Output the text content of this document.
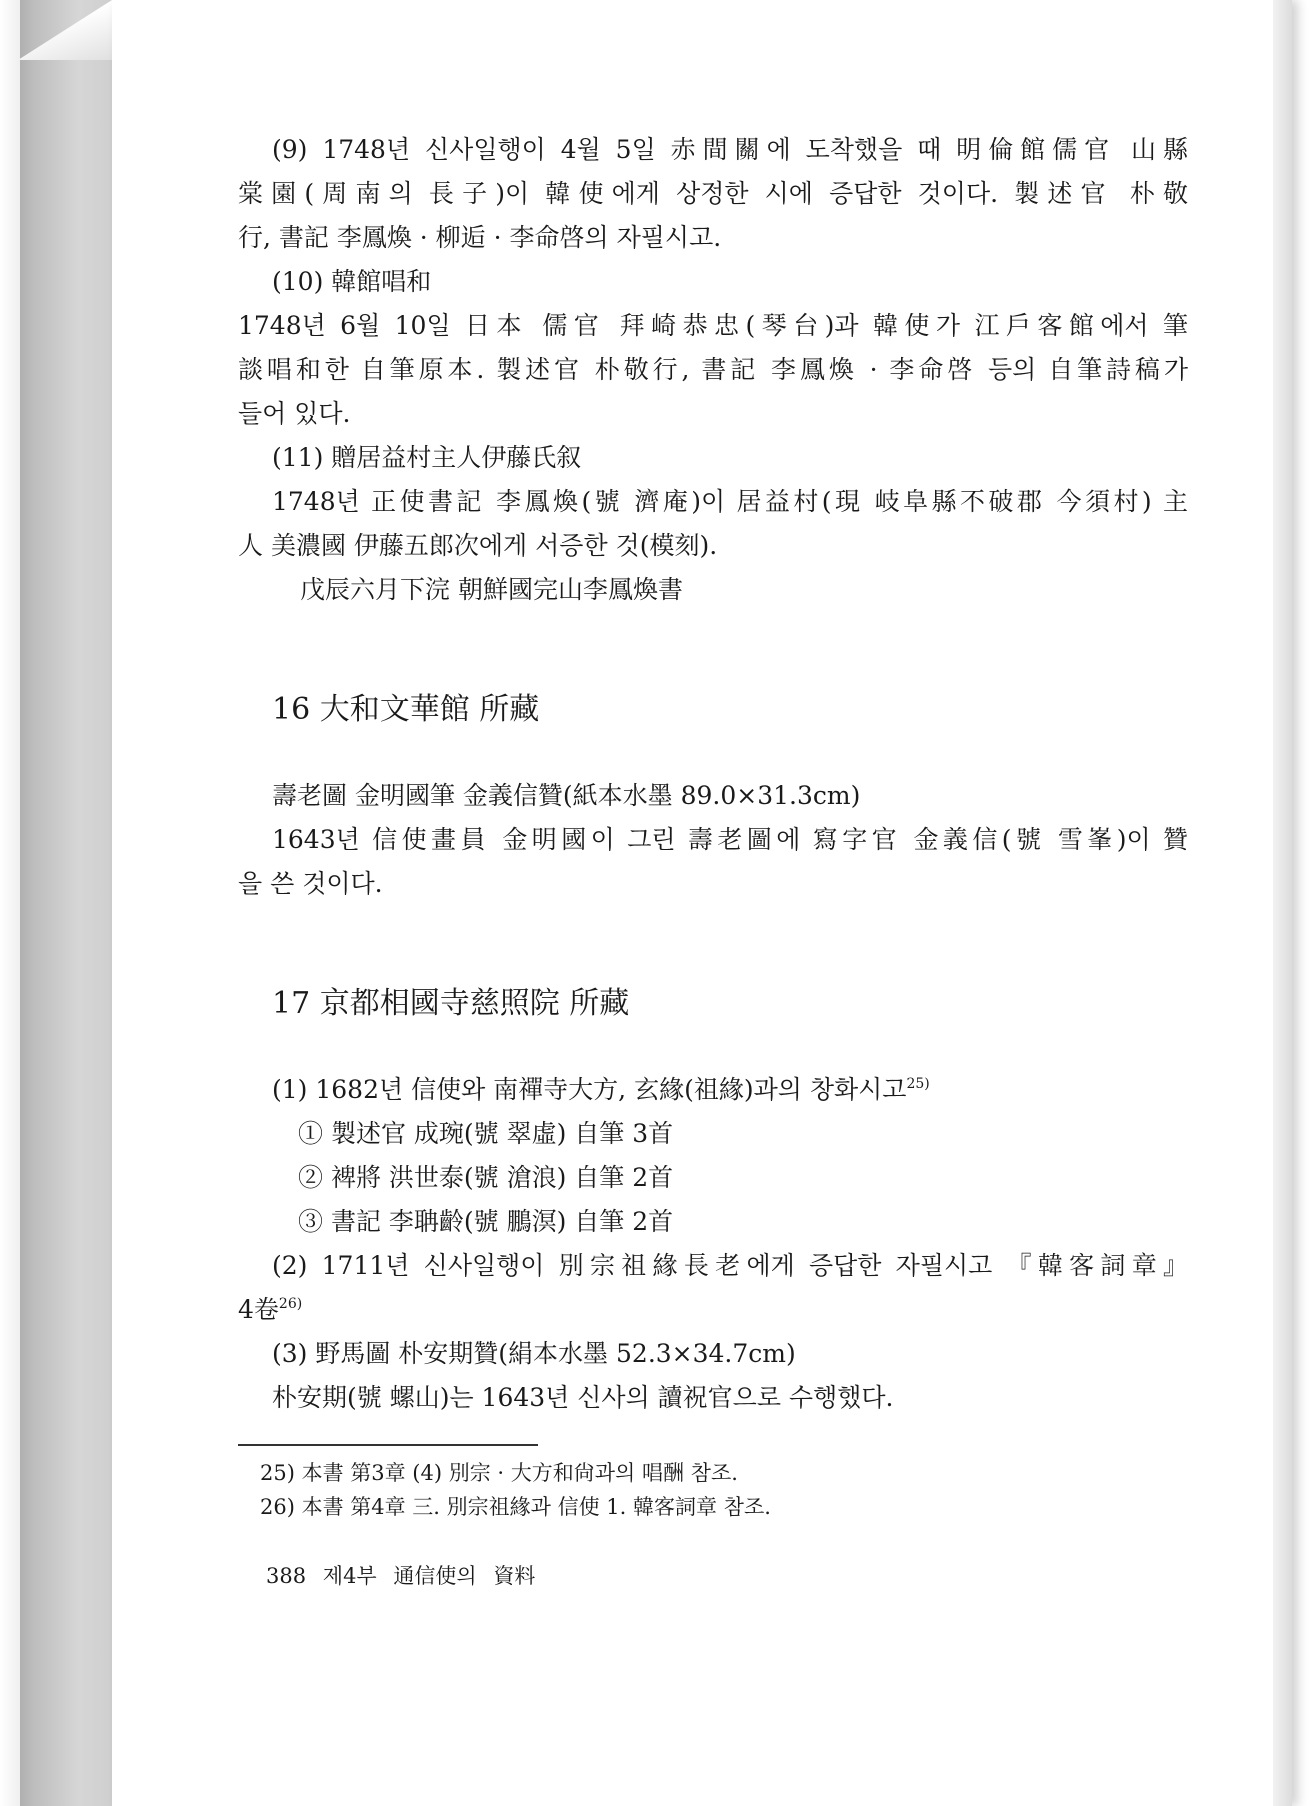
(9) 1748년 신사일행이 4월 5일 赤間關에 도착했을 때 明倫館儒官 山縣
棠園(周南의 長子)이 韓使에게 상정한 시에 증답한 것이다. 製述官 朴敬
行, 書記 李鳳煥 · 柳逅 · 李命啓의 자필시고.
(10) 韓館唱和
1748년 6월 10일 日本 儒官 拜崎恭忠(琴台)과 韓使가 江戶客館에서 筆
談唱和한 自筆原本. 製述官 朴敬行, 書記 李鳳煥 · 李命啓 등의 自筆詩稿가
들어 있다.
(11) 贈居益村主人伊藤氏叙
1748년 正使書記 李鳳煥(號 濟庵)이 居益村(現 岐阜縣不破郡 今須村) 主
人 美濃國 伊藤五郎次에게 서증한 것(模刻).
戊辰六月下浣 朝鮮國完山李鳳煥書
16 大和文華館 所藏
壽老圖 金明國筆 金義信贊(紙本水墨 89.0×31.3cm)
1643년 信使畫員 金明國이 그린 壽老圖에 寫字官 金義信(號 雪峯)이 贊
을 쓴 것이다.
17 京都相國寺慈照院 所藏
(1) 1682년 信使와 南禪寺大方, 玄緣(祖緣)과의 창화시고$^{25)}$
① 製述官 成琬(號 翠虛) 自筆 3首
② 裨將 洪世泰(號 滄浪) 自筆 2首
③ 書記 李聃齡(號 鵬溟) 自筆 2首
(2) 1711년 신사일행이 別宗祖緣長老에게 증답한 자필시고 『韓客詞章』
4卷$^{26)}$
(3) 野馬圖 朴安期贊(絹本水墨 52.3×34.7cm)
朴安期(號 螺山)는 1643년 신사의 讀祝官으로 수행했다.
25) 本書 第3章 (4) 別宗 · 大方和尙과의 唱酬 참조.
26) 本書 第4章 三. 別宗祖緣과 信使 1. 韓客詞章 참조.
388 제4부 通信使의 資料
